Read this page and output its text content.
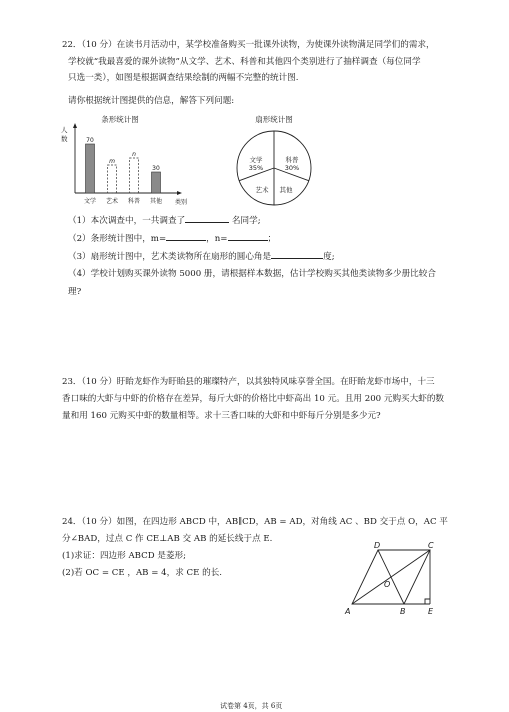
22．（10 分）在读书月活动中，某学校准备购买一批课外读物，为使课外读物满足同学们的需求，
学校就“我最喜爱的课外读物”从文学、艺术、科普和其他四个类别进行了抽样调查（每位同学
只选一类），如图是根据调查结果绘制的两幅不完整的统计图.
请你根据统计图提供的信息，解答下列问题:
条形统计图
人
数	70
文学
m
艺术
n
科普
30
其他 类别
扇形统计图
文学
35%
科普
30%
艺术 其他
（1）本次调查中，一共调查了	名同学;
（2）条形统计图中，m=	，n=	；
（3）扇形统计图中，艺术类读物所在扇形的圆心角是	度;
（4）学校计划购买课外读物 5000 册，请根据样本数据，估计学校购买其他类读物多少册比较合
理?
23．（10 分）盱眙龙虾作为盱眙县的璀璨特产，以其独特风味享誉全国。在盱眙龙虾市场中，十三
香口味的大虾与中虾的价格存在差异，每斤大虾的价格比中虾高出 10 元。且用 200 元购买大虾的数
量和用 160 元购买中虾的数量相等。求十三香口味的大虾和中虾每斤分别是多少元?
24．（10 分）如图，在四边形 ABCD 中，AB∥CD，AB = AD，对角线 AC 、BD 交于点 O，AC 平
分∠BAD，过点 C 作 CE⊥AB 交 AB 的延长线于点 E.
(1)求证：四边形 ABCD 是菱形;
(2)若 OC = CE ，AB = 4，求 CE 的长.
D	C
O
A	B	E
试卷第 4页，共 6页
